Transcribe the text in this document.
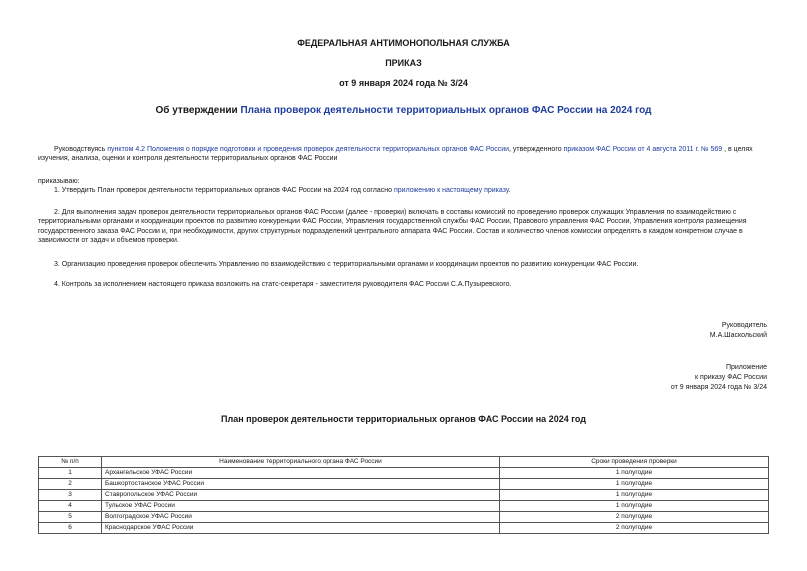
ФЕДЕРАЛЬНАЯ АНТИМОНОПОЛЬНАЯ СЛУЖБА
ПРИКАЗ
от 9 января 2024 года № 3/24
Об утверждении Плана проверок деятельности территориальных органов ФАС России на 2024 год
Руководствуясь пунктом 4.2 Положения о порядке подготовки и проведения проверок деятельности территориальных органов ФАС России, утвержденного приказом ФАС России от 4 августа 2011 г. № 569 , в целях изучения, анализа, оценки и контроля деятельности территориальных органов ФАС России
приказываю:
1. Утвердить План проверок деятельности территориальных органов ФАС России на 2024 год согласно приложению к настоящему приказу.
2. Для выполнения задач проверок деятельности территориальных органов ФАС России (далее - проверки) включать в составы комиссий по проведению проверок служащих Управления по взаимодействию с территориальными органами и координации проектов по развитию конкуренции ФАС России, Управления государственной службы ФАС России, Правового управления ФАС России, Управления контроля размещения государственного заказа ФАС России и, при необходимости, других структурных подразделений центрального аппарата ФАС России. Состав и количество членов комиссии определять в каждом конкретном случае в зависимости от задач и объемов проверки.
3. Организацию проведения проверок обеспечить Управлению по взаимодействию с территориальными органами и координации проектов по развитию конкуренции ФАС России.
4. Контроль за исполнением настоящего приказа возложить на статс-секретаря - заместителя руководителя ФАС России С.А.Пузыревского.
Руководитель
М.А.Шаскольский
Приложение
к приказу ФАС России
от 9 января 2024 года № 3/24
План проверок деятельности территориальных органов ФАС России на 2024 год
№ п/п	Наименование территориального органа ФАС России	Сроки проведения проверки
1	Архангельское УФАС России	1 полугодие
2	Башкортостанское УФАС России	1 полугодие
3	Ставропольское УФАС России	1 полугодие
4	Тульское УФАС России	1 полугодие
5	Волгоградское УФАС России	2 полугодие
6	Краснодарское УФАС России	2 полугодие
